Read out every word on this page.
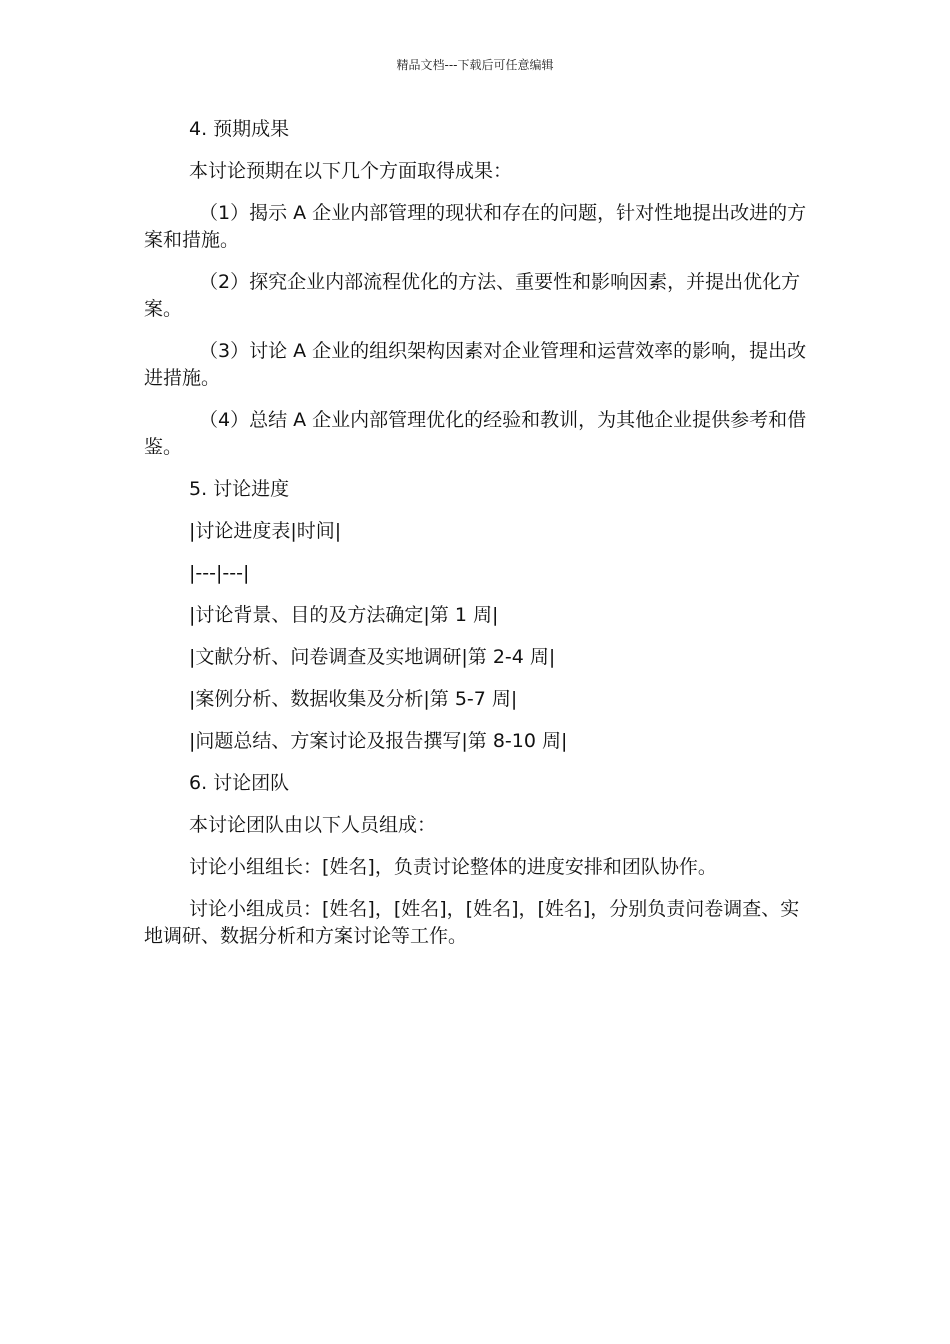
精品文档---下载后可任意编辑

4. 预期成果

本讨论预期在以下几个方面取得成果：

（1）揭示 A 企业内部管理的现状和存在的问题，针对性地提出改进的方案和措施。

（2）探究企业内部流程优化的方法、重要性和影响因素，并提出优化方案。

（3）讨论 A 企业的组织架构因素对企业管理和运营效率的影响，提出改进措施。

（4）总结 A 企业内部管理优化的经验和教训，为其他企业提供参考和借鉴。

5. 讨论进度

|讨论进度表|时间|

|---|---|

|讨论背景、目的及方法确定|第 1 周|

|文献分析、问卷调查及实地调研|第 2-4 周|

|案例分析、数据收集及分析|第 5-7 周|

|问题总结、方案讨论及报告撰写|第 8-10 周|

6. 讨论团队

本讨论团队由以下人员组成：

讨论小组组长：[姓名]，负责讨论整体的进度安排和团队协作。

讨论小组成员：[姓名]，[姓名]，[姓名]，[姓名]，分别负责问卷调查、实地调研、数据分析和方案讨论等工作。
